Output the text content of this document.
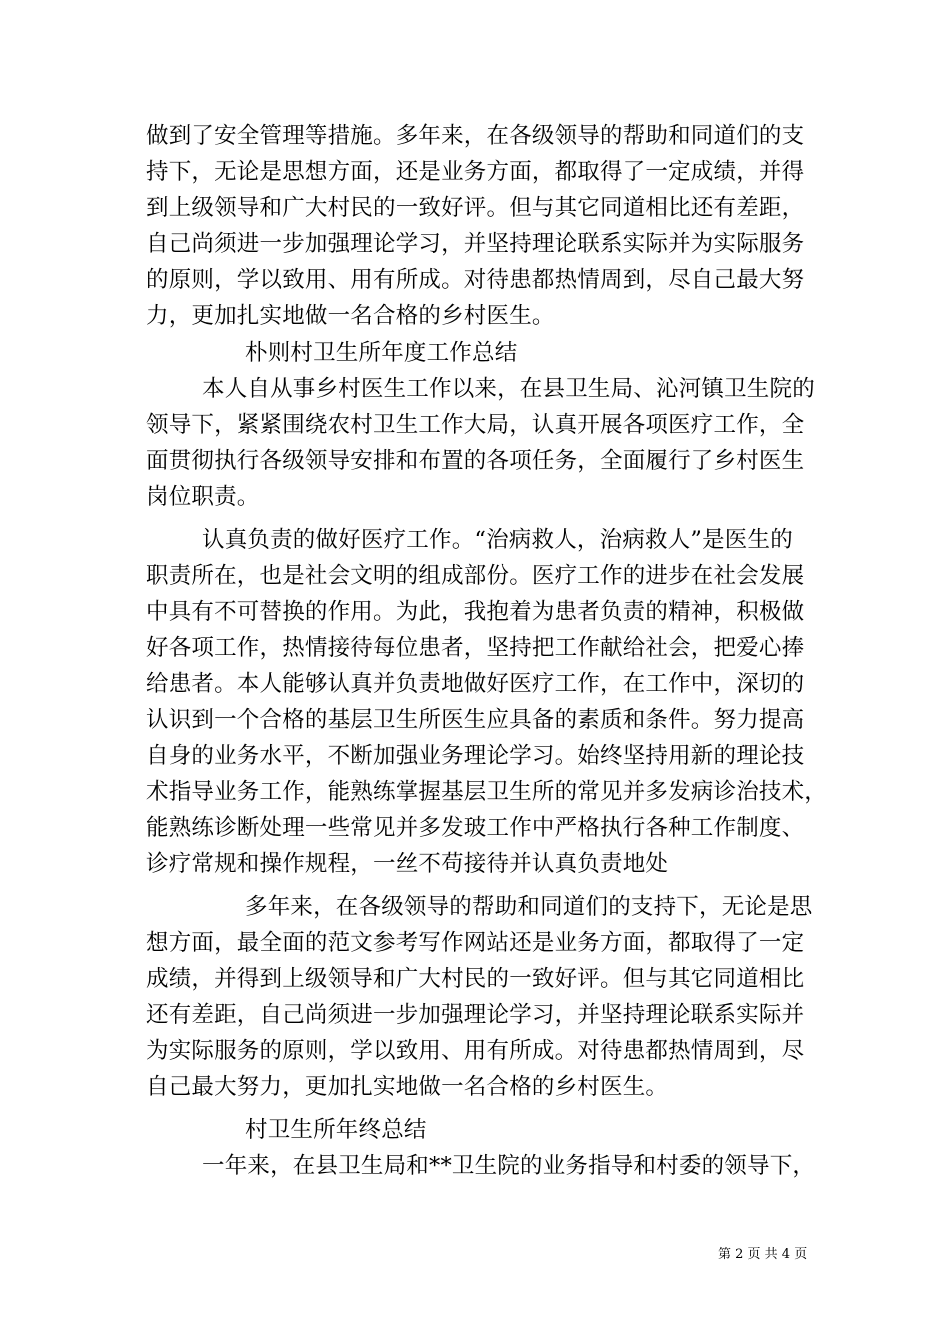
做到了安全管理等措施。多年来，在各级领导的帮助和同道们的支
持下，无论是思想方面，还是业务方面，都取得了一定成绩，并得
到上级领导和广大村民的一致好评。但与其它同道相比还有差距，
自己尚须进一步加强理论学习，并坚持理论联系实际并为实际服务
的原则，学以致用、用有所成。对待患都热情周到，尽自己最大努
力，更加扎实地做一名合格的乡村医生。
朴则村卫生所年度工作总结
本人自从事乡村医生工作以来，在县卫生局、沁河镇卫生院的
领导下，紧紧围绕农村卫生工作大局，认真开展各项医疗工作，全
面贯彻执行各级领导安排和布置的各项任务，全面履行了乡村医生
岗位职责。
认真负责的做好医疗工作。“治病救人，治病救人”是医生的
职责所在，也是社会文明的组成部份。医疗工作的进步在社会发展
中具有不可替换的作用。为此，我抱着为患者负责的精神，积极做
好各项工作，热情接待每位患者，坚持把工作献给社会，把爱心捧
给患者。本人能够认真并负责地做好医疗工作，在工作中，深切的
认识到一个合格的基层卫生所医生应具备的素质和条件。努力提高
自身的业务水平，不断加强业务理论学习。始终坚持用新的理论技
术指导业务工作，能熟练掌握基层卫生所的常见并多发病诊治技术，
能熟练诊断处理一些常见并多发玻工作中严格执行各种工作制度、
诊疗常规和操作规程，一丝不苟接待并认真负责地处
多年来，在各级领导的帮助和同道们的支持下，无论是思
想方面，最全面的范文参考写作网站还是业务方面，都取得了一定
成绩，并得到上级领导和广大村民的一致好评。但与其它同道相比
还有差距，自己尚须进一步加强理论学习，并坚持理论联系实际并
为实际服务的原则，学以致用、用有所成。对待患都热情周到，尽
自己最大努力，更加扎实地做一名合格的乡村医生。
村卫生所年终总结
一年来，在县卫生局和**卫生院的业务指导和村委的领导下，
第 2 页 共 4 页
